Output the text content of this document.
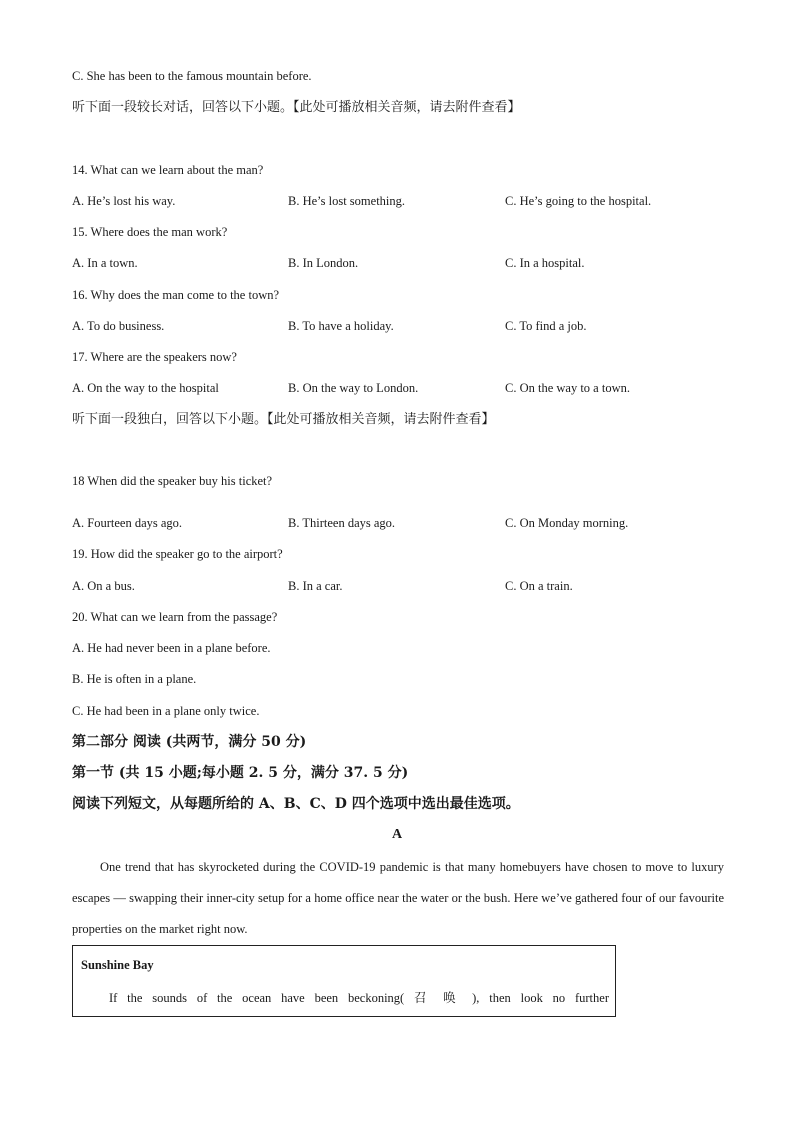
C. She has been to the famous mountain before.
听下面一段较长对话，回答以下小题。【此处可播放相关音频，请去附件查看】
14. What can we learn about the man?
A. He’s lost his way.	B. He’s lost something.	C. He’s going to the hospital.
15. Where does the man work?
A. In a town.	B. In London.	C. In a hospital.
16. Why does the man come to the town?
A. To do business.	B. To have a holiday.	C. To find a job.
17. Where are the speakers now?
A. On the way to the hospital	B. On the way to London.	C. On the way to a town.
听下面一段独白，回答以下小题。【此处可播放相关音频，请去附件查看】
18 When did the speaker buy his ticket?
A. Fourteen days ago.	B. Thirteen days ago.	C. On Monday morning.
19. How did the speaker go to the airport?
A. On a bus.	B. In a car.	C. On a train.
20. What can we learn from the passage?
A. He had never been in a plane before.
B. He is often in a plane.
C. He had been in a plane only twice.
第二部分 阅读 (共两节，满分 50 分)
第一节 (共 15 小题;每小题 2. 5 分，满分 37. 5 分)
阅读下列短文，从每题所给的 A、B、C、D 四个选项中选出最佳选项。
A
One trend that has skyrocketed during the COVID-19 pandemic is that many homebuyers have chosen to move to luxury escapes — swapping their inner-city setup for a home office near the water or the bush. Here we’ve gathered four of our favourite properties on the market right now.
Sunshine Bay
If the sounds of the ocean have been beckoning( 召 唤 ), then look no further
